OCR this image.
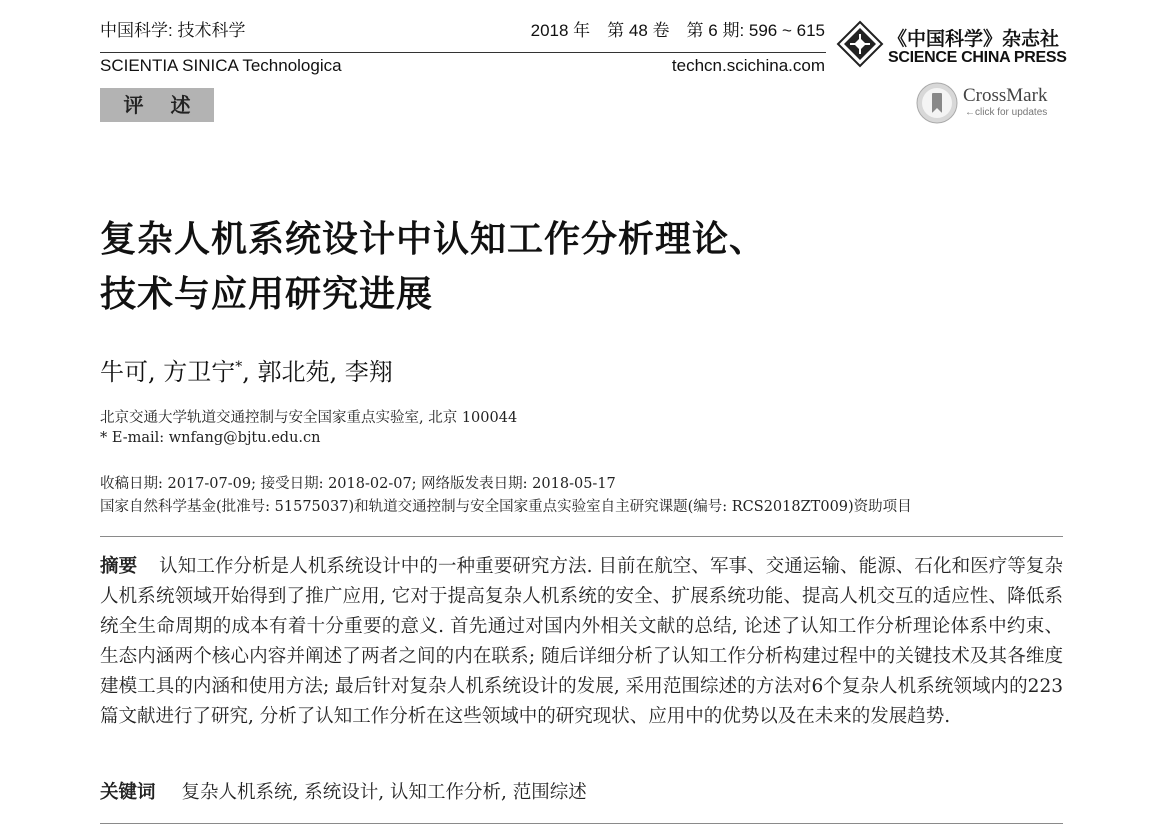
中国科学: 技术科学
SCIENTIA SINICA Technologica
2018 年　第 48 卷　第 6 期: 596 ~ 615
techcn.scichina.com
《中国科学》杂志社
SCIENCE CHINA PRESS
评 述	CrossMark
←click for updates
复杂人机系统设计中认知工作分析理论、
技术与应用研究进展
牛可, 方卫宁*, 郭北苑, 李翔
北京交通大学轨道交通控制与安全国家重点实验室, 北京 100044
* E-mail: wnfang@bjtu.edu.cn
收稿日期: 2017-07-09; 接受日期: 2018-02-07; 网络版发表日期: 2018-05-17
国家自然科学基金(批准号: 51575037)和轨道交通控制与安全国家重点实验室自主研究课题(编号: RCS2018ZT009)资助项目
摘要 认知工作分析是人机系统设计中的一种重要研究方法. 目前在航空、军事、交通运输、能源、石化和医疗等复杂人机系统领域开始得到了推广应用, 它对于提高复杂人机系统的安全、扩展系统功能、提高人机交互的适应性、降低系统全生命周期的成本有着十分重要的意义. 首先通过对国内外相关文献的总结, 论述了认知工作分析理论体系中约束、生态内涵两个核心内容并阐述了两者之间的内在联系; 随后详细分析了认知工作分析构建过程中的关键技术及其各维度建模工具的内涵和使用方法; 最后针对复杂人机系统设计的发展, 采用范围综述的方法对6个复杂人机系统领域内的223篇文献进行了研究, 分析了认知工作分析在这些领域中的研究现状、应用中的优势以及在未来的发展趋势.
关键词 复杂人机系统, 系统设计, 认知工作分析, 范围综述
